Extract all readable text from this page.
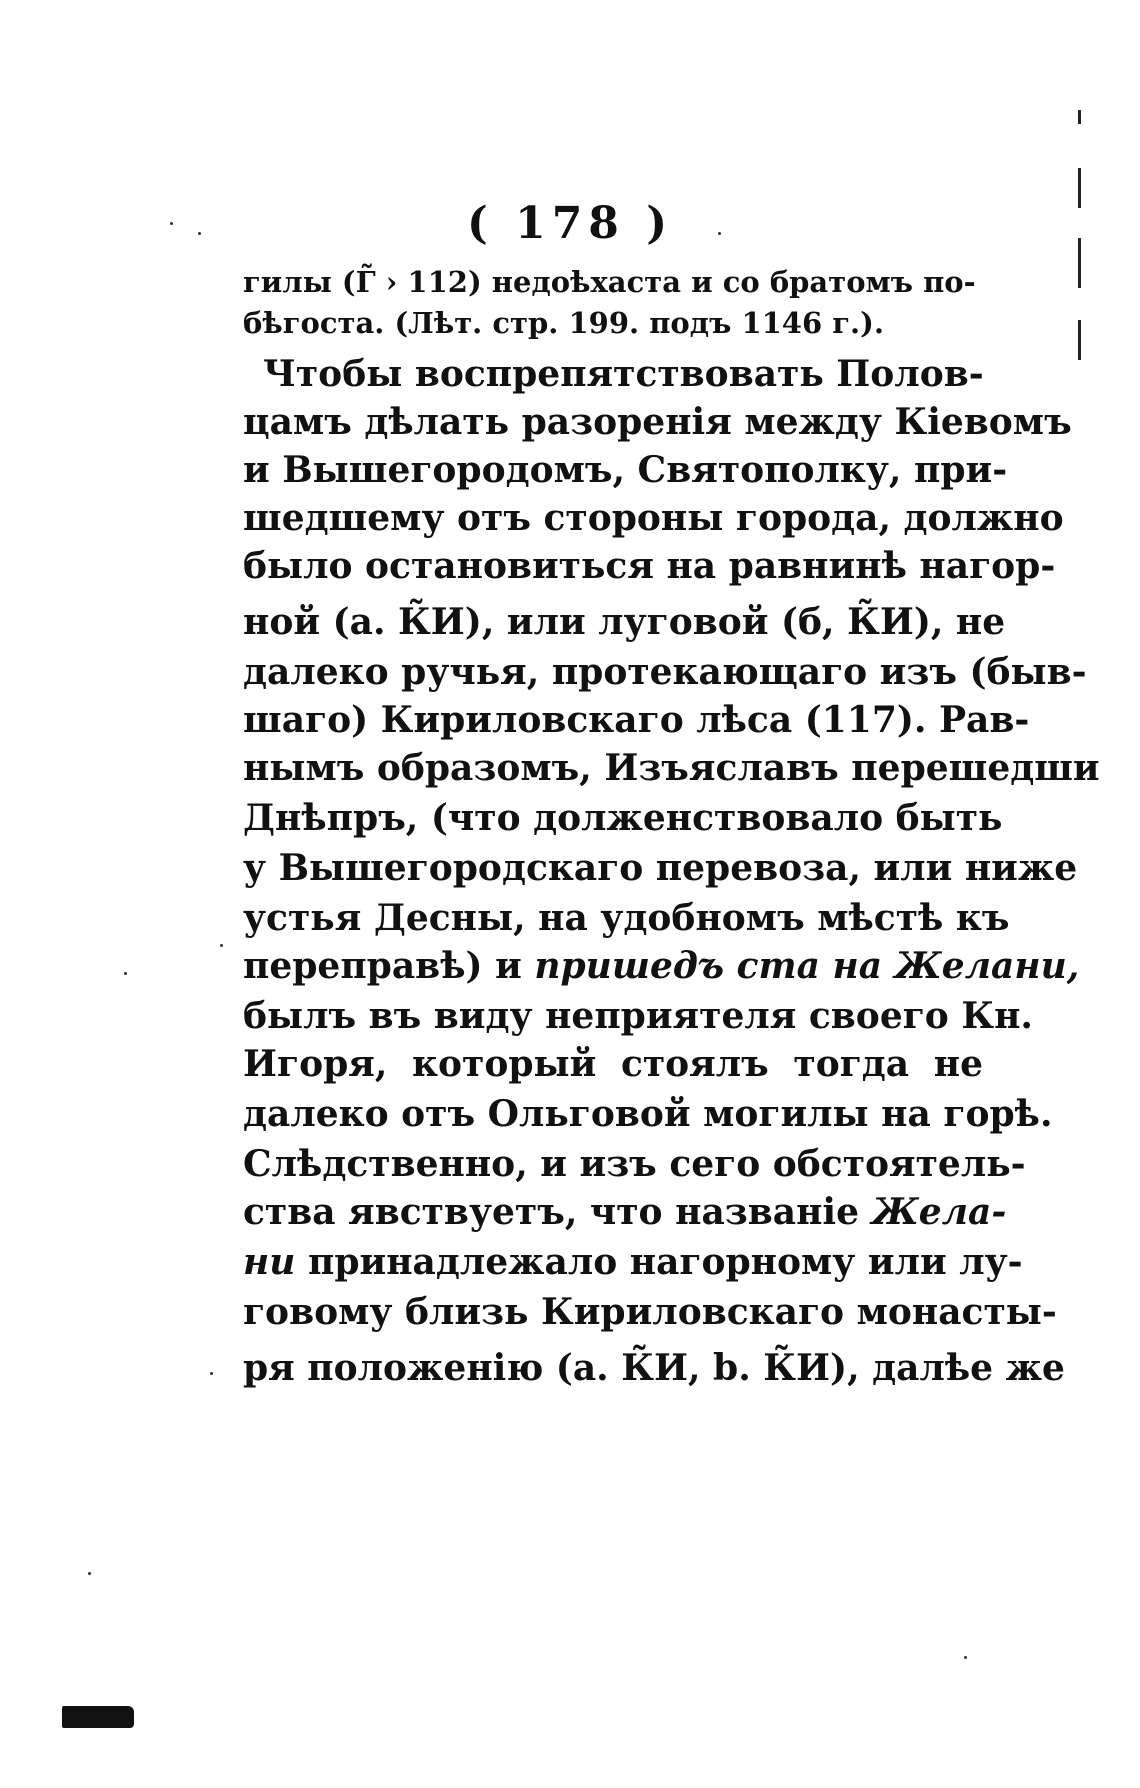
( 178 )
гилы (Г̃ › 112) недоѣхаста и со братомъ по-
бѣгоста. (Лѣт. стр. 199. подъ 1146 г.).
Чтобы воспрепятствовать Полов-
цамъ дѣлать разоренія между Кіевомъ
и Вышегородомъ, Святополку, при-
шедшему отъ стороны города, должно
было остановиться на равнинѣ нагор-
ной (а. К̃И), или луговой (б, К̃И), не
далеко ручья, протекающаго изъ (быв-
шаго) Кириловскаго лѣса (117). Рав-
нымъ образомъ, Изъяславъ перешедши
Днѣпръ, (что долженствовало быть
у Вышегородскаго перевоза, или ниже
устья Десны, на удобномъ мѣстѣ къ
переправѣ) и пришедъ ста на Желани,
былъ въ виду неприятеля своего Кн.
Игоря, который стоялъ тогда не
далеко отъ Ольговой могилы на горѣ.
Слѣдственно, и изъ сего обстоятель-
ства явствуетъ, что названіе Жела-
ни принадлежало нагорному или лу-
говому близь Кириловскаго монасты-
ря положенію (а. К̃И, b. К̃И), далѣе же
